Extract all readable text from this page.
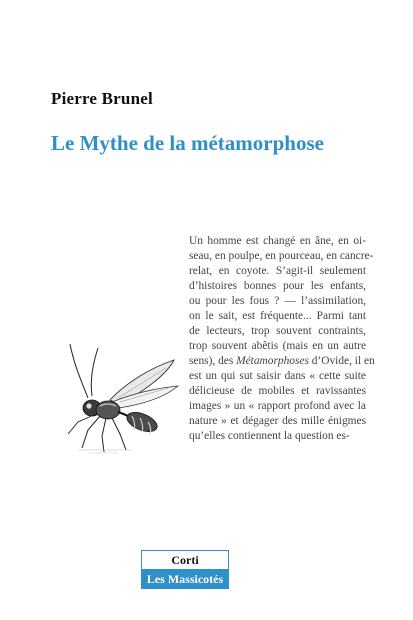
Pierre Brunel
Le Mythe de la métamorphose
Un homme est changé en âne, en oi-
seau, en poulpe, en pourceau, en cancre-
relat, en coyote. S’agit-il seulement
d’histoires bonnes pour les enfants,
ou pour les fous ? — l’assimilation,
on le sait, est fréquente... Parmi tant
de lecteurs, trop souvent contraints,
trop souvent abêtis (mais en un autre
sens), des Métamorphoses d’Ovide, il en
est un qui sut saisir dans « cette suite
délicieuse de mobiles et ravissantes
images » un « rapport profond avec la
nature » et dégager des mille énigmes
qu’elles contiennent la question es-
Corti
Les Massicotés
